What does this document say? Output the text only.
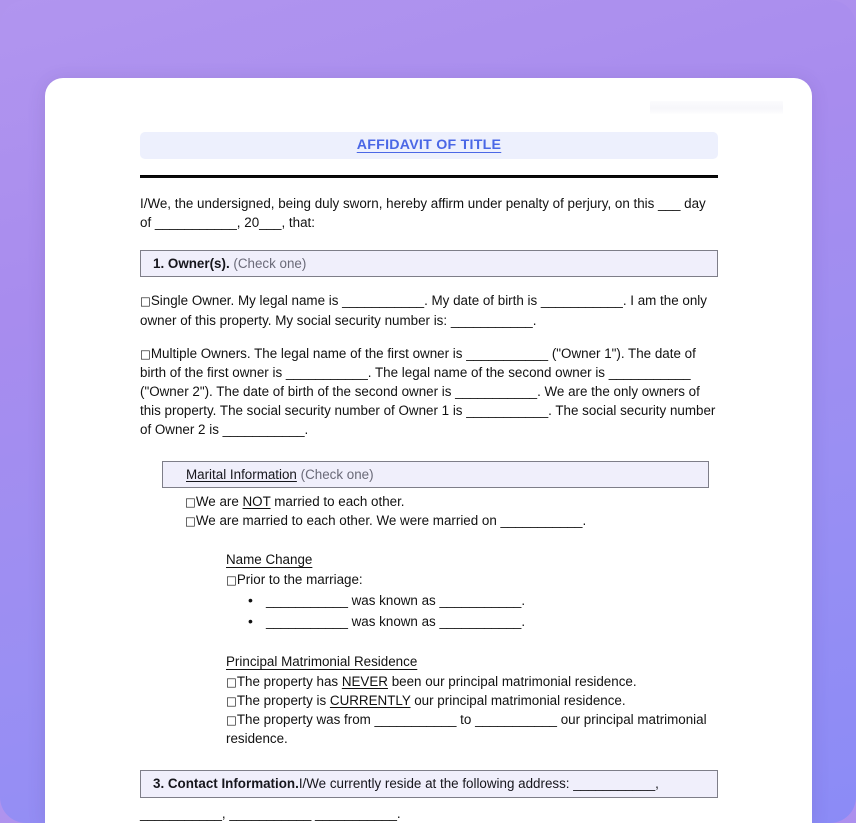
AFFIDAVIT OF TITLE
I/We, the undersigned, being duly sworn, hereby affirm under penalty of perjury, on this ___ day of ___________, 20___, that:
1. Owner(s). (Check one)
□Single Owner. My legal name is ___________. My date of birth is ___________. I am the only owner of this property. My social security number is: ___________.
□Multiple Owners. The legal name of the first owner is ___________ ("Owner 1"). The date of birth of the first owner is ___________. The legal name of the second owner is ___________ ("Owner 2"). The date of birth of the second owner is ___________. We are the only owners of this property. The social security number of Owner 1 is ___________. The social security number of Owner 2 is ___________.
Marital Information (Check one)
□We are NOT married to each other.
□We are married to each other. We were married on ___________.
Name Change
□Prior to the marriage:
• ___________ was known as ___________.
• ___________ was known as ___________.
Principal Matrimonial Residence
□The property has NEVER been our principal matrimonial residence.
□The property is CURRENTLY our principal matrimonial residence.
□The property was from ___________ to ___________ our principal matrimonial residence.
3. Contact Information.I/We currently reside at the following address: ___________,
___________, ___________ ___________.
